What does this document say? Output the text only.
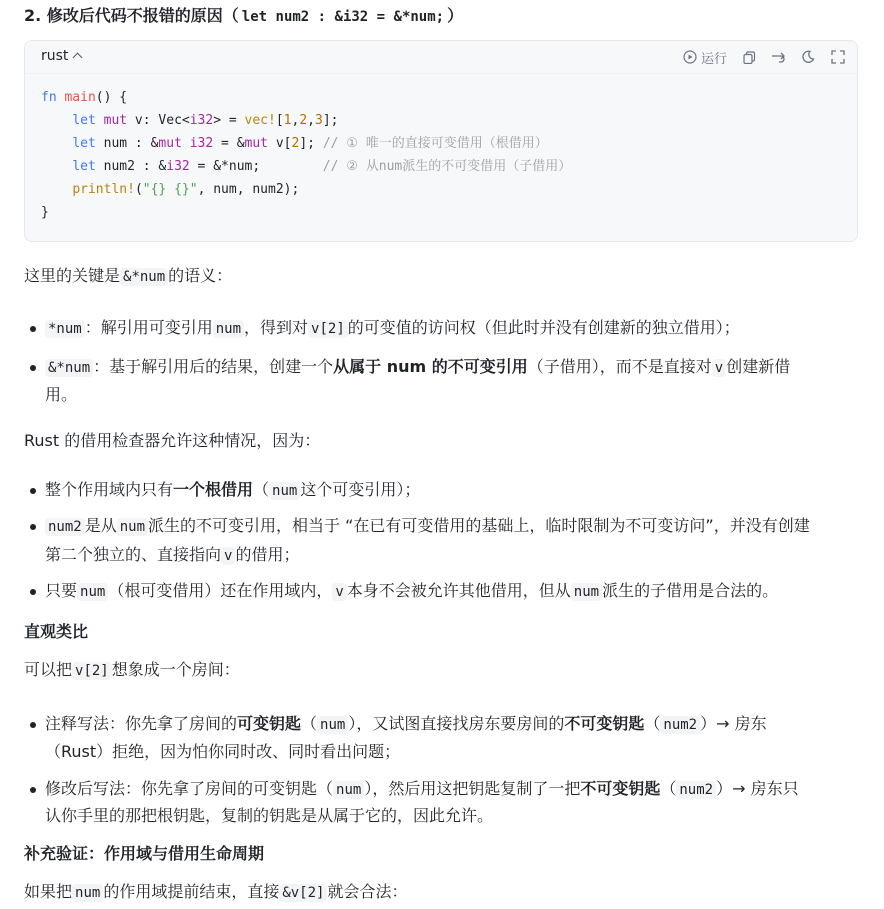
2. 修改后代码不报错的原因（ let num2 : &i32 = &*num; ）
rust	运行
fn main() {
let mut v: Vec<i32> = vec![1,2,3];
let num : &mut i32 = &mut v[2]; // ① 唯一的直接可变借用（根借用）
let num2 : &i32 = &*num;        // ② 从num派生的不可变借用（子借用）
println!("{} {}", num, num2);
}
这里的关键是 &*num 的语义：
*num ：解引用可变引用 num ，得到对 v[2] 的可变值的访问权（但此时并没有创建新的独立借用）；
&*num ：基于解引用后的结果，创建一个从属于 num 的不可变引用（子借用），而不是直接对 v 创建新借
用。
Rust 的借用检查器允许这种情况，因为：
整个作用域内只有一个根借用（ num 这个可变引用）；
num2 是从 num 派生的不可变引用，相当于 “在已有可变借用的基础上，临时限制为不可变访问”，并没有创建
第二个独立的、直接指向 v 的借用；
只要 num （根可变借用）还在作用域内， v 本身不会被允许其他借用，但从 num 派生的子借用是合法的。
直观类比
可以把 v[2] 想象成一个房间：
注释写法：你先拿了房间的可变钥匙（ num ），又试图直接找房东要房间的不可变钥匙（ num2 ）→ 房东
（Rust）拒绝，因为怕你同时改、同时看出问题；
修改后写法：你先拿了房间的可变钥匙（ num ），然后用这把钥匙复制了一把不可变钥匙（ num2 ）→ 房东只
认你手里的那把根钥匙，复制的钥匙是从属于它的，因此允许。
补充验证：作用域与借用生命周期
如果把 num 的作用域提前结束，直接 &v[2] 就会合法：
